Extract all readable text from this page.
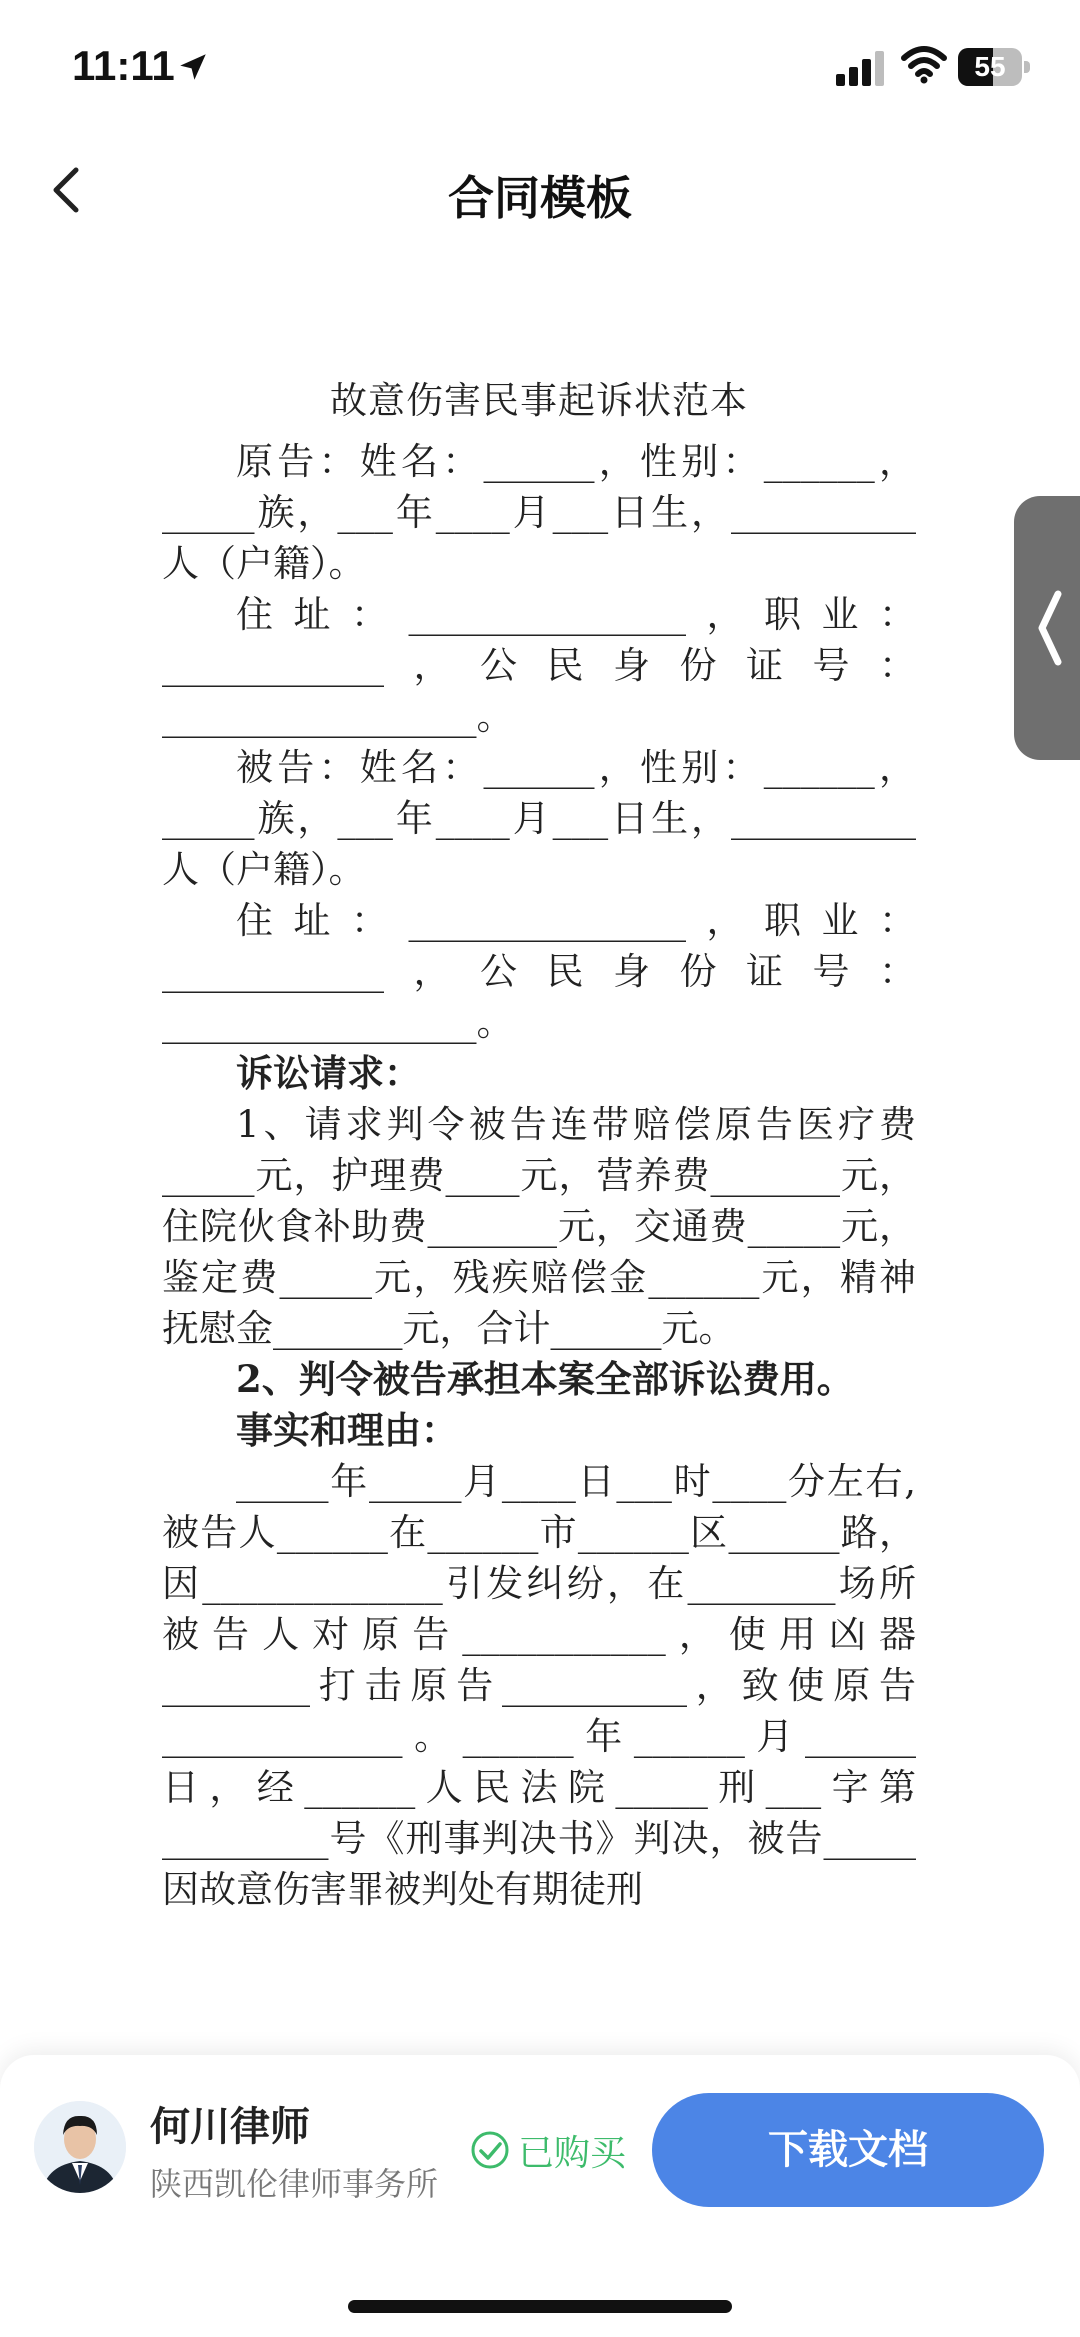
11:11	55
合同模板
故意伤害民事起诉状范本

原告：姓名：______，性别：______，_____族，___年____月___日生，__________人（户籍）。

住址：_______________，职业：____________，公民身份证号：_________________。

被告：姓名：______，性别：______，_____族，___年____月___日生，__________人（户籍）。

住址：_______________，职业：____________，公民身份证号：_________________。

诉讼请求：

1、请求判令被告连带赔偿原告医疗费_____元，护理费____元，营养费_______元，住院伙食补助费_______元，交通费_____元，鉴定费_____元，残疾赔偿金______元，精神抚慰金_______元，合计______元。

2、判令被告承担本案全部诉讼费用。

事实和理由：

_____年_____月____日___时____分左右,被告人______在______市______区______路，因_____________引发纠纷，在________场所被告人对原告___________，使用凶器________打击原告__________，致使原告_____________。______年______月______日，经______人民法院_____刑___字第_________号《刑事判决书》判决，被告_____因故意伤害罪被判处有期徒刑

何川律师
陕西凯伦律师事务所
已购买	下载文档
